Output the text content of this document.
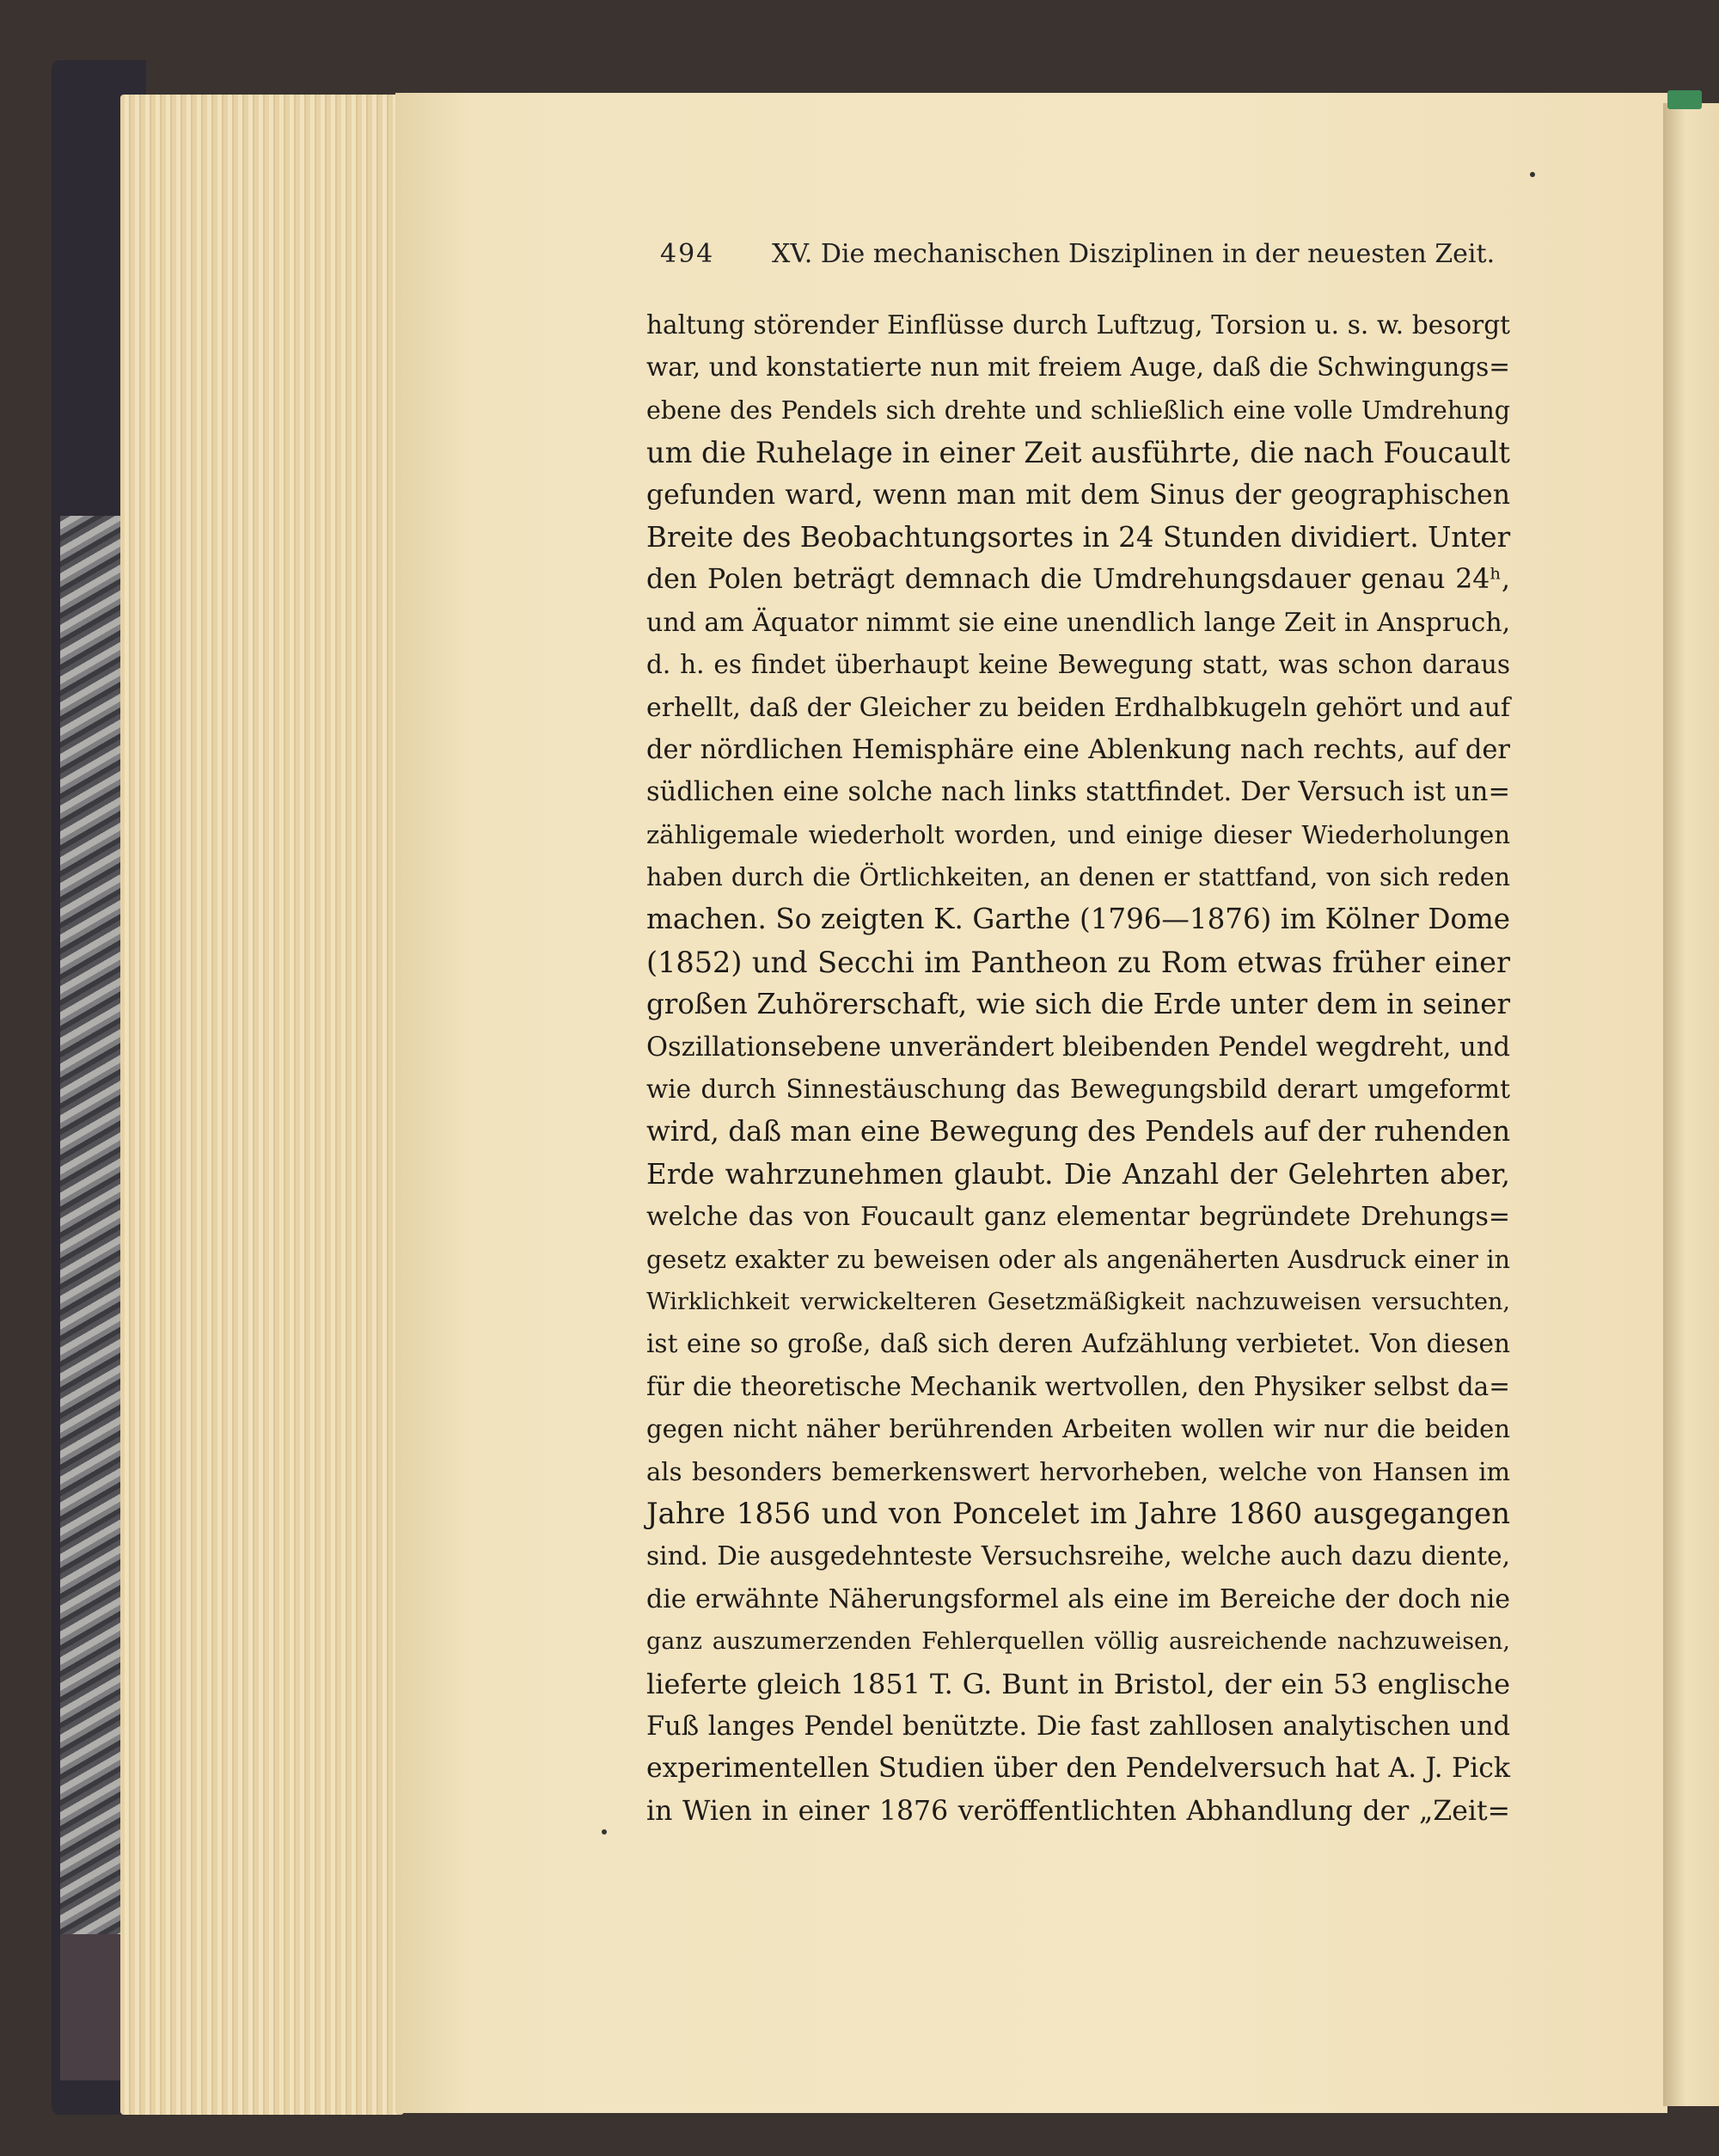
494 XV. Die mechanischen Disziplinen in der neuesten Zeit.
haltung störender Einflüsse durch Luftzug, Torsion u. s. w. besorgt
war, und konstatierte nun mit freiem Auge, daß die Schwingungs=
ebene des Pendels sich drehte und schließlich eine volle Umdrehung
um die Ruhelage in einer Zeit ausführte, die nach Foucault
gefunden ward, wenn man mit dem Sinus der geographischen
Breite des Beobachtungsortes in 24 Stunden dividiert. Unter
den Polen beträgt demnach die Umdrehungsdauer genau 24ʰ,
und am Äquator nimmt sie eine unendlich lange Zeit in Anspruch,
d. h. es findet überhaupt keine Bewegung statt, was schon daraus
erhellt, daß der Gleicher zu beiden Erdhalbkugeln gehört und auf
der nördlichen Hemisphäre eine Ablenkung nach rechts, auf der
südlichen eine solche nach links stattfindet. Der Versuch ist un=
zähligemale wiederholt worden, und einige dieser Wiederholungen
haben durch die Örtlichkeiten, an denen er stattfand, von sich reden
machen. So zeigten K. Garthe (1796—1876) im Kölner Dome
(1852) und Secchi im Pantheon zu Rom etwas früher einer
großen Zuhörerschaft, wie sich die Erde unter dem in seiner
Oszillationsebene unverändert bleibenden Pendel wegdreht, und
wie durch Sinnestäuschung das Bewegungsbild derart umgeformt
wird, daß man eine Bewegung des Pendels auf der ruhenden
Erde wahrzunehmen glaubt. Die Anzahl der Gelehrten aber,
welche das von Foucault ganz elementar begründete Drehungs=
gesetz exakter zu beweisen oder als angenäherten Ausdruck einer in
Wirklichkeit verwickelteren Gesetzmäßigkeit nachzuweisen versuchten,
ist eine so große, daß sich deren Aufzählung verbietet. Von diesen
für die theoretische Mechanik wertvollen, den Physiker selbst da=
gegen nicht näher berührenden Arbeiten wollen wir nur die beiden
als besonders bemerkenswert hervorheben, welche von Hansen im
Jahre 1856 und von Poncelet im Jahre 1860 ausgegangen
sind. Die ausgedehnteste Versuchsreihe, welche auch dazu diente,
die erwähnte Näherungsformel als eine im Bereiche der doch nie
ganz auszumerzenden Fehlerquellen völlig ausreichende nachzuweisen,
lieferte gleich 1851 T. G. Bunt in Bristol, der ein 53 englische
Fuß langes Pendel benützte. Die fast zahllosen analytischen und
experimentellen Studien über den Pendelversuch hat A. J. Pick
in Wien in einer 1876 veröffentlichten Abhandlung der „Zeit=
